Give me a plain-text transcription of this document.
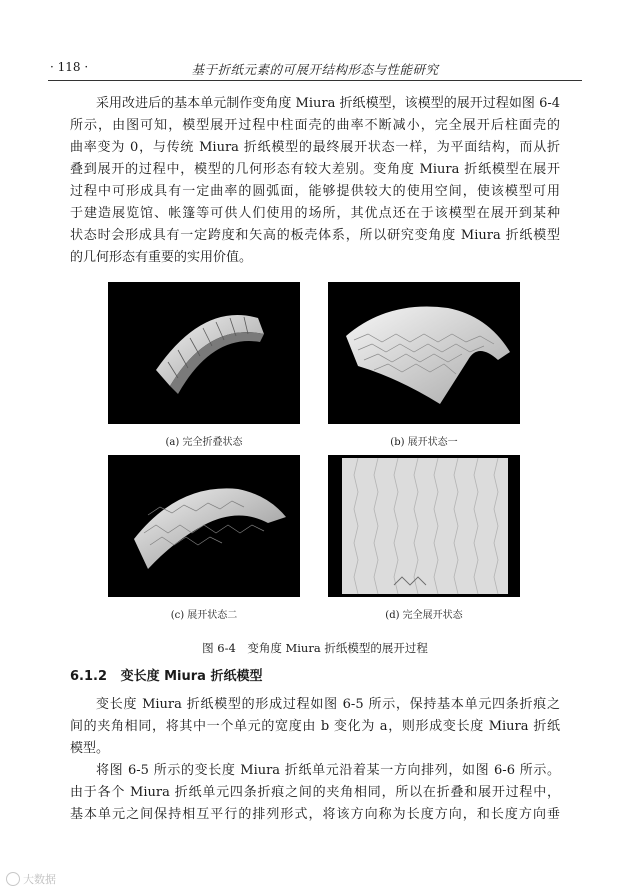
· 118 ·	基于折纸元素的可展开结构形态与性能研究
采用改进后的基本单元制作变角度 Miura 折纸模型，该模型的展开过程如图 6-4
所示，由图可知，模型展开过程中柱面壳的曲率不断减小，完全展开后柱面壳的
曲率变为 0，与传统 Miura 折纸模型的最终展开状态一样，为平面结构，而从折
叠到展开的过程中，模型的几何形态有较大差别。变角度 Miura 折纸模型在展开
过程中可形成具有一定曲率的圆弧面，能够提供较大的使用空间，使该模型可用
于建造展览馆、帐篷等可供人们使用的场所，其优点还在于该模型在展开到某种
状态时会形成具有一定跨度和矢高的板壳体系，所以研究变角度 Miura 折纸模型
的几何形态有重要的实用价值。
(a) 完全折叠状态	(b) 展开状态一
(c) 展开状态二	(d) 完全展开状态
图 6-4　变角度 Miura 折纸模型的展开过程
6.1.2 变长度 Miura 折纸模型
变长度 Miura 折纸模型的形成过程如图 6-5 所示，保持基本单元四条折痕之
间的夹角相同，将其中一个单元的宽度由 b 变化为 a，则形成变长度 Miura 折纸
模型。
将图 6-5 所示的变长度 Miura 折纸单元沿着某一方向排列，如图 6-6 所示。
由于各个 Miura 折纸单元四条折痕之间的夹角相同，所以在折叠和展开过程中，
基本单元之间保持相互平行的排列形式，将该方向称为长度方向，和长度方向垂
大数据
